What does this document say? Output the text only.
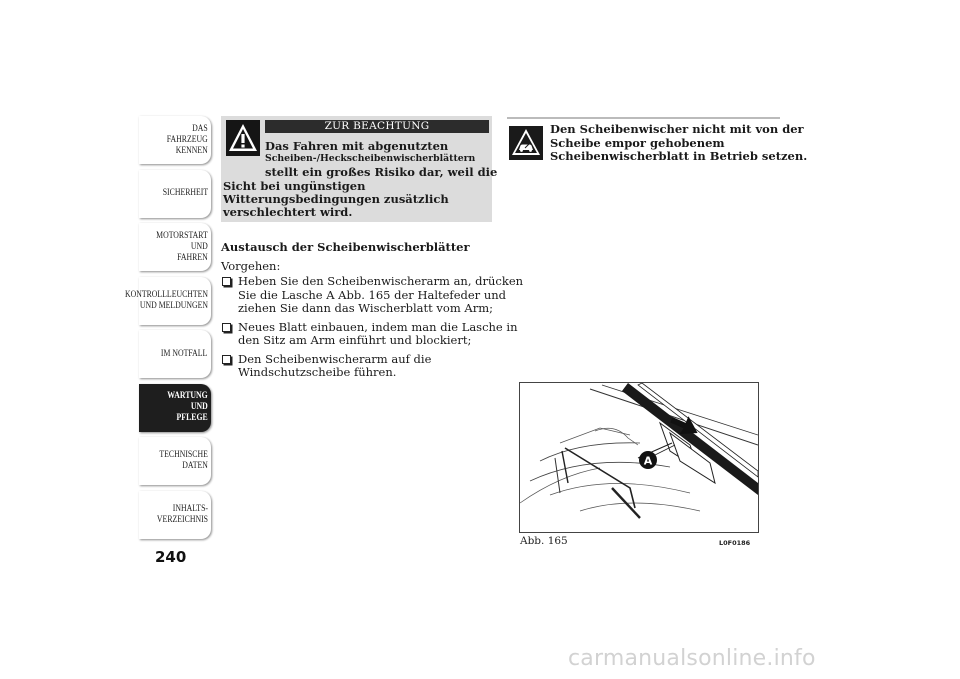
DAS FAHRZEUG
KENNEN
SICHERHEIT
MOTORSTART UND
FAHREN
KONTROLLLEUCHTEN
UND MELDUNGEN
IM NOTFALL
WARTUNG UND
PFLEGE
TECHNISCHE
DATEN
INHALTS-
VERZEICHNIS
240
ZUR BEACHTUNG
Das Fahren mit abgenutzten
Scheiben-/Heckscheibenwischerblättern
stellt ein großes Risiko dar, weil die
Sicht bei ungünstigen
Witterungsbedingungen zusätzlich
verschlechtert wird.
Austausch der Scheibenwischerblätter
Vorgehen:
Heben Sie den Scheibenwischerarm an, drücken
Sie die Lasche A Abb. 165 der Haltefeder und
ziehen Sie dann das Wischerblatt vom Arm;
Neues Blatt einbauen, indem man die Lasche in
den Sitz am Arm einführt und blockiert;
Den Scheibenwischerarm auf die
Windschutzscheibe führen.
Den Scheibenwischer nicht mit von der
Scheibe empor gehobenem
Scheibenwischerblatt in Betrieb setzen.
A
Abb. 165	L0F0186
carmanualsonline.info
